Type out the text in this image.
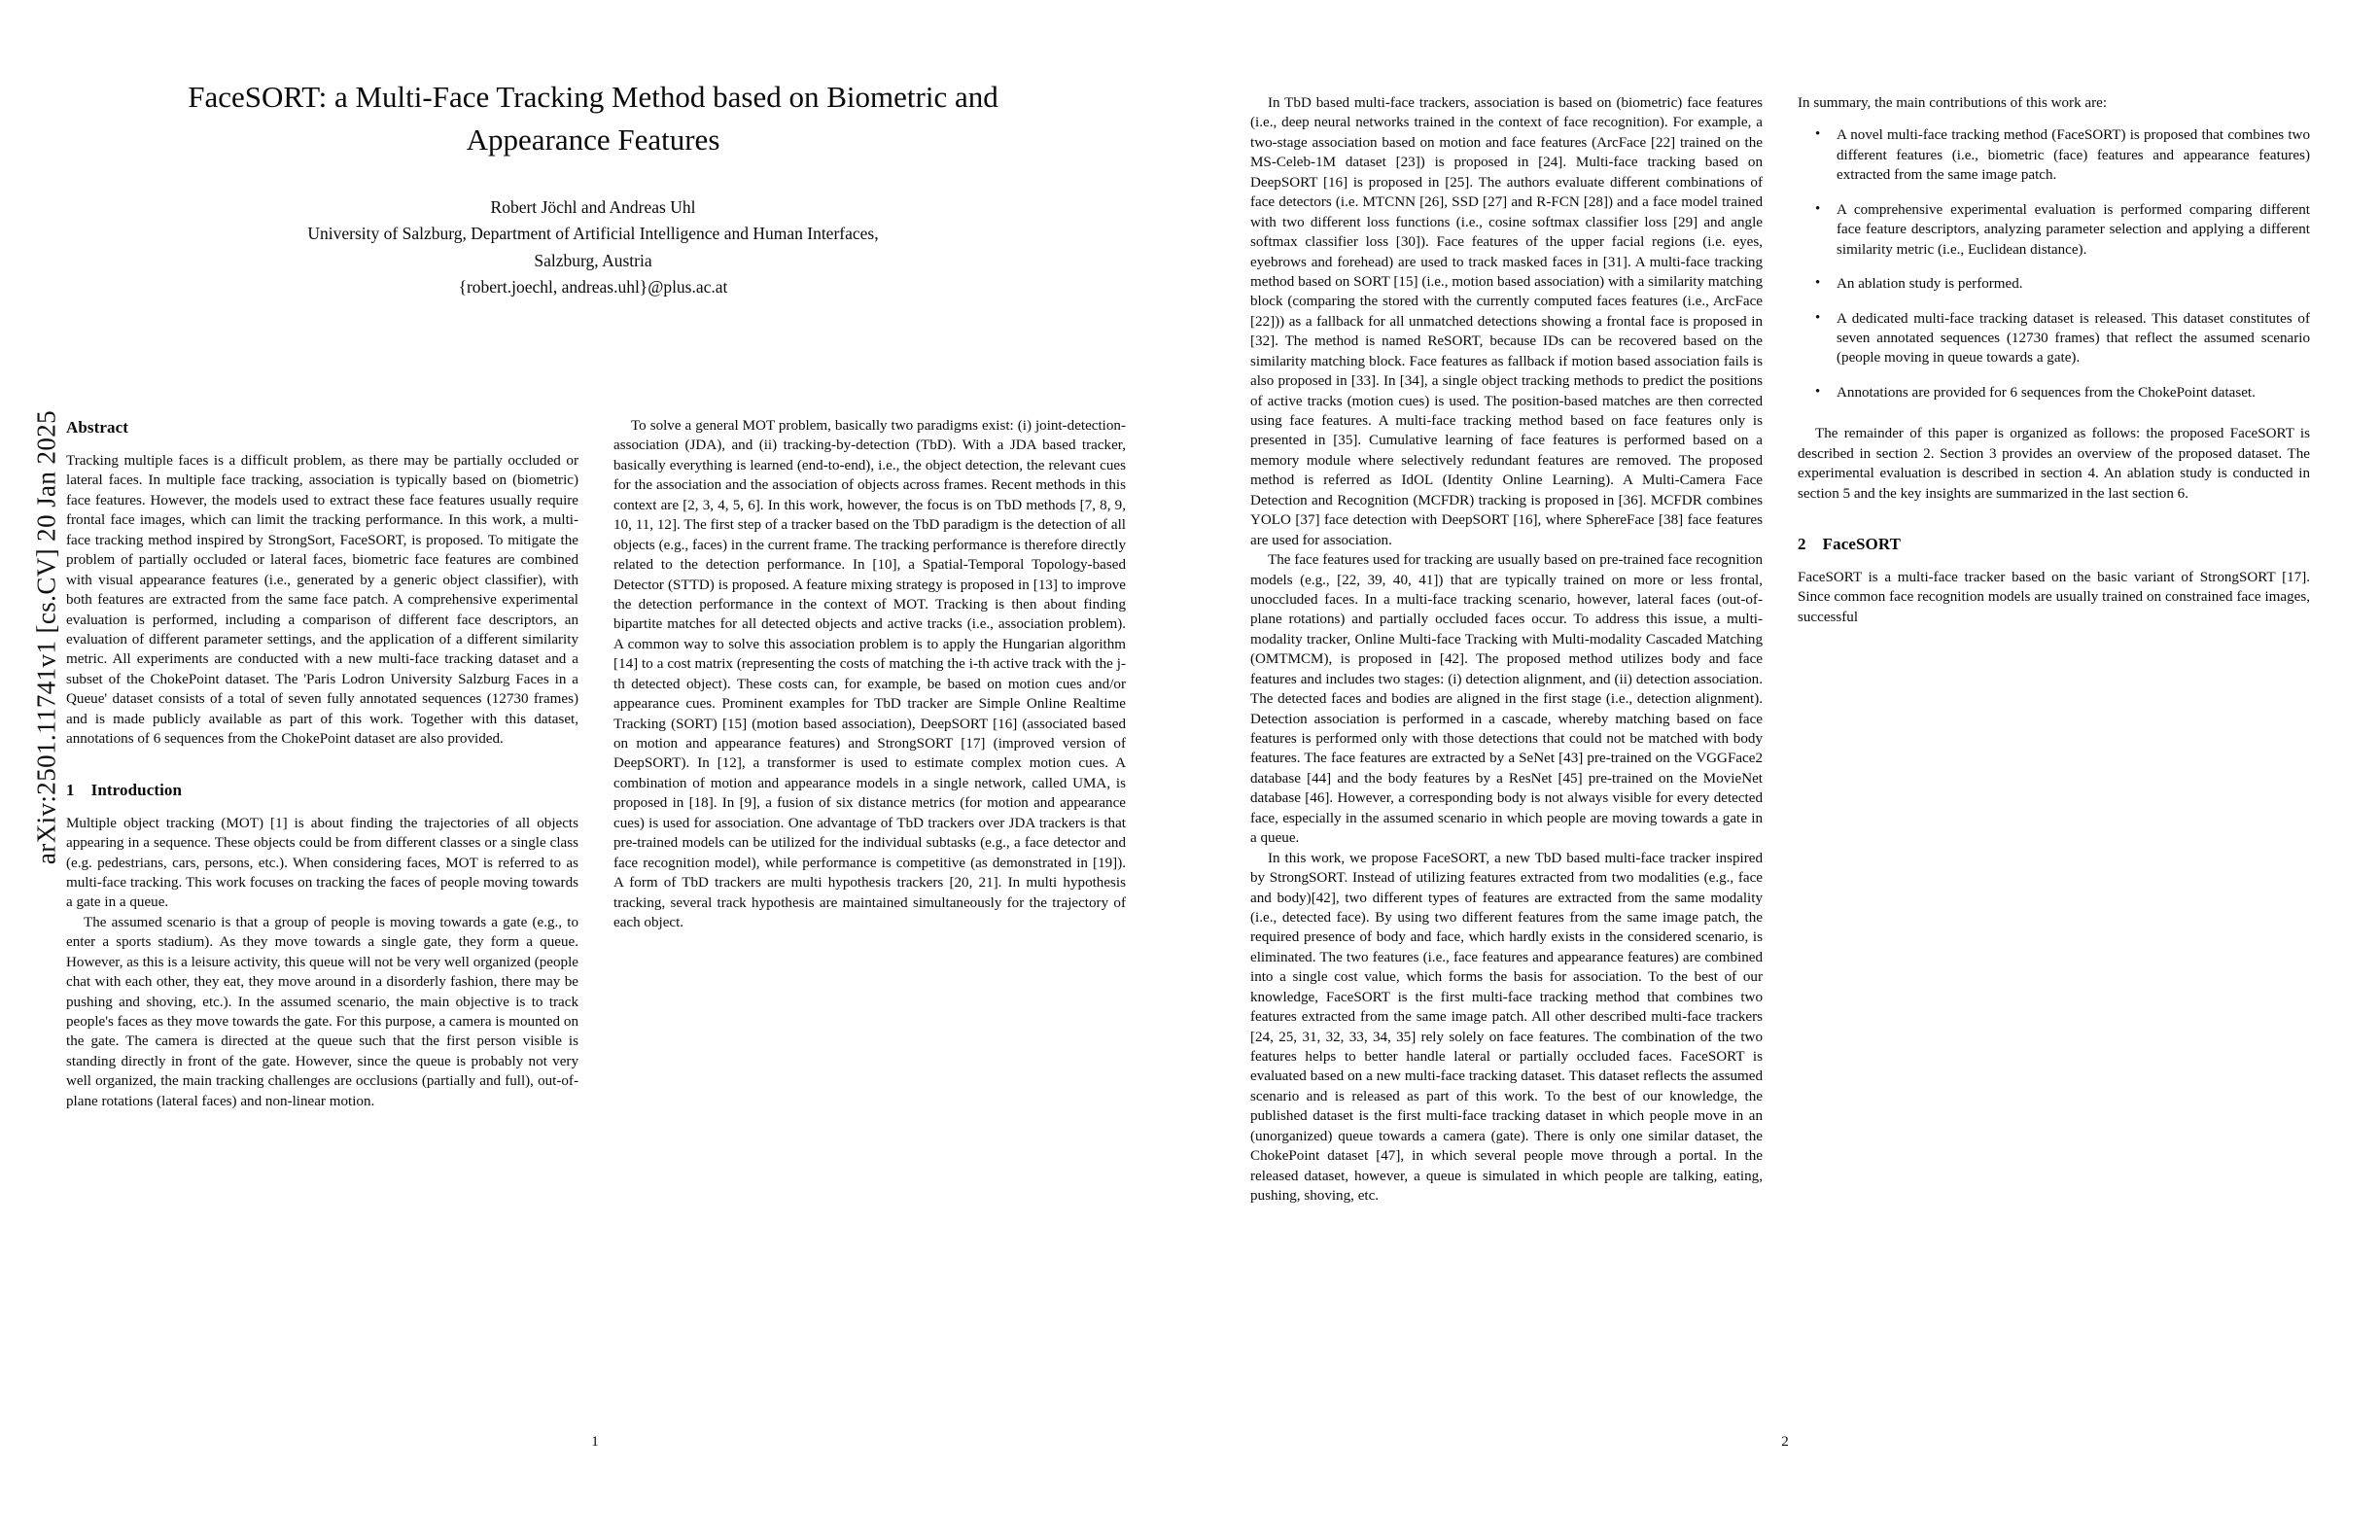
arXiv:2501.11741v1 [cs.CV] 20 Jan 2025
FaceSORT: a Multi-Face Tracking Method based on Biometric and Appearance Features
Robert Jöchl and Andreas Uhl
University of Salzburg, Department of Artificial Intelligence and Human Interfaces,
Salzburg, Austria
{robert.joechl, andreas.uhl}@plus.ac.at
Abstract

Tracking multiple faces is a difficult problem, as there may be partially occluded or lateral faces. In multiple face tracking, association is typically based on (biometric) face features. However, the models used to extract these face features usually require frontal face images, which can limit the tracking performance. In this work, a multi-face tracking method inspired by StrongSort, FaceSORT, is proposed. To mitigate the problem of partially occluded or lateral faces, biometric face features are combined with visual appearance features (i.e., generated by a generic object classifier), with both features are extracted from the same face patch. A comprehensive experimental evaluation is performed, including a comparison of different face descriptors, an evaluation of different parameter settings, and the application of a different similarity metric. All experiments are conducted with a new multi-face tracking dataset and a subset of the ChokePoint dataset. The 'Paris Lodron University Salzburg Faces in a Queue' dataset consists of a total of seven fully annotated sequences (12730 frames) and is made publicly available as part of this work. Together with this dataset, annotations of 6 sequences from the ChokePoint dataset are also provided.

1 Introduction

Multiple object tracking (MOT) [1] is about finding the trajectories of all objects appearing in a sequence. These objects could be from different classes or a single class (e.g. pedestrians, cars, persons, etc.). When considering faces, MOT is referred to as multi-face tracking. This work focuses on tracking the faces of people moving towards a gate in a queue.

The assumed scenario is that a group of people is moving towards a gate (e.g., to enter a sports stadium). As they move towards a single gate, they form a queue. However, as this is a leisure activity, this queue will not be very well organized (people chat with each other, they eat, they move around in a disorderly fashion, there may be pushing and shoving, etc.). In the assumed scenario, the main objective is to track people's faces as they move towards the gate. For this purpose, a camera is mounted on the gate. The camera is directed at the queue such that the first person visible is standing directly in front of the gate. However, since the queue is probably not very well organized, the main tracking challenges are occlusions (partially and full), out-of-plane rotations (lateral faces) and non-linear motion.

To solve a general MOT problem, basically two paradigms exist: (i) joint-detection-association (JDA), and (ii) tracking-by-detection (TbD). With a JDA based tracker, basically everything is learned (end-to-end), i.e., the object detection, the relevant cues for the association and the association of objects across frames. Recent methods in this context are [2, 3, 4, 5, 6]. In this work, however, the focus is on TbD methods [7, 8, 9, 10, 11, 12]. The first step of a tracker based on the TbD paradigm is the detection of all objects (e.g., faces) in the current frame. The tracking performance is therefore directly related to the detection performance. In [10], a Spatial-Temporal Topology-based Detector (STTD) is proposed. A feature mixing strategy is proposed in [13] to improve the detection performance in the context of MOT. Tracking is then about finding bipartite matches for all detected objects and active tracks (i.e., association problem). A common way to solve this association problem is to apply the Hungarian algorithm [14] to a cost matrix (representing the costs of matching the i-th active track with the j-th detected object). These costs can, for example, be based on motion cues and/or appearance cues. Prominent examples for TbD tracker are Simple Online Realtime Tracking (SORT) [15] (motion based association), DeepSORT [16] (associated based on motion and appearance features) and StrongSORT [17] (improved version of DeepSORT). In [12], a transformer is used to estimate complex motion cues. A combination of motion and appearance models in a single network, called UMA, is proposed in [18]. In [9], a fusion of six distance metrics (for motion and appearance cues) is used for association. One advantage of TbD trackers over JDA trackers is that pre-trained models can be utilized for the individual subtasks (e.g., a face detector and face recognition model), while performance is competitive (as demonstrated in [19]). A form of TbD trackers are multi hypothesis trackers [20, 21]. In multi hypothesis tracking, several track hypothesis are maintained simultaneously for the trajectory of each object.

1

In TbD based multi-face trackers, association is based on (biometric) face features (i.e., deep neural networks trained in the context of face recognition). For example, a two-stage association based on motion and face features (ArcFace [22] trained on the MS-Celeb-1M dataset [23]) is proposed in [24]. Multi-face tracking based on DeepSORT [16] is proposed in [25]. The authors evaluate different combinations of face detectors (i.e. MTCNN [26], SSD [27] and R-FCN [28]) and a face model trained with two different loss functions (i.e., cosine softmax classifier loss [29] and angle softmax classifier loss [30]). Face features of the upper facial regions (i.e. eyes, eyebrows and forehead) are used to track masked faces in [31]. A multi-face tracking method based on SORT [15] (i.e., motion based association) with a similarity matching block (comparing the stored with the currently computed faces features (i.e., ArcFace [22])) as a fallback for all unmatched detections showing a frontal face is proposed in [32]. The method is named ReSORT, because IDs can be recovered based on the similarity matching block. Face features as fallback if motion based association fails is also proposed in [33]. In [34], a single object tracking methods to predict the positions of active tracks (motion cues) is used. The position-based matches are then corrected using face features. A multi-face tracking method based on face features only is presented in [35]. Cumulative learning of face features is performed based on a memory module where selectively redundant features are removed. The proposed method is referred as IdOL (Identity Online Learning). A Multi-Camera Face Detection and Recognition (MCFDR) tracking is proposed in [36]. MCFDR combines YOLO [37] face detection with DeepSORT [16], where SphereFace [38] face features are used for association.

The face features used for tracking are usually based on pre-trained face recognition models (e.g., [22, 39, 40, 41]) that are typically trained on more or less frontal, unoccluded faces. In a multi-face tracking scenario, however, lateral faces (out-of-plane rotations) and partially occluded faces occur. To address this issue, a multi-modality tracker, Online Multi-face Tracking with Multi-modality Cascaded Matching (OMTMCM), is proposed in [42]. The proposed method utilizes body and face features and includes two stages: (i) detection alignment, and (ii) detection association. The detected faces and bodies are aligned in the first stage (i.e., detection alignment). Detection association is performed in a cascade, whereby matching based on face features is performed only with those detections that could not be matched with body features. The face features are extracted by a SeNet [43] pre-trained on the VGGFace2 database [44] and the body features by a ResNet [45] pre-trained on the MovieNet database [46]. However, a corresponding body is not always visible for every detected face, especially in the assumed scenario in which people are moving towards a gate in a queue.

In this work, we propose FaceSORT, a new TbD based multi-face tracker inspired by StrongSORT. Instead of utilizing features extracted from two modalities (e.g., face and body)[42], two different types of features are extracted from the same modality (i.e., detected face). By using two different features from the same image patch, the required presence of body and face, which hardly exists in the considered scenario, is eliminated. The two features (i.e., face features and appearance features) are combined into a single cost value, which forms the basis for association. To the best of our knowledge, FaceSORT is the first multi-face tracking method that combines two features extracted from the same image patch. All other described multi-face trackers [24, 25, 31, 32, 33, 34, 35] rely solely on face features. The combination of the two features helps to better handle lateral or partially occluded faces. FaceSORT is evaluated based on a new multi-face tracking dataset. This dataset reflects the assumed scenario and is released as part of this work. To the best of our knowledge, the published dataset is the first multi-face tracking dataset in which people move in an (unorganized) queue towards a camera (gate). There is only one similar dataset, the ChokePoint dataset [47], in which several people move through a portal. In the released dataset, however, a queue is simulated in which people are talking, eating, pushing, shoving, etc.

In summary, the main contributions of this work are:

• A novel multi-face tracking method (FaceSORT) is proposed that combines two different features (i.e., biometric (face) features and appearance features) extracted from the same image patch.
• A comprehensive experimental evaluation is performed comparing different face feature descriptors, analyzing parameter selection and applying a different similarity metric (i.e., Euclidean distance).
• An ablation study is performed.
• A dedicated multi-face tracking dataset is released. This dataset constitutes of seven annotated sequences (12730 frames) that reflect the assumed scenario (people moving in queue towards a gate).
• Annotations are provided for 6 sequences from the ChokePoint dataset.

The remainder of this paper is organized as follows: the proposed FaceSORT is described in section 2. Section 3 provides an overview of the proposed dataset. The experimental evaluation is described in section 4. An ablation study is conducted in section 5 and the key insights are summarized in the last section 6.

2 FaceSORT

FaceSORT is a multi-face tracker based on the basic variant of StrongSORT [17]. Since common face recognition models are usually trained on constrained face images, successful

2
